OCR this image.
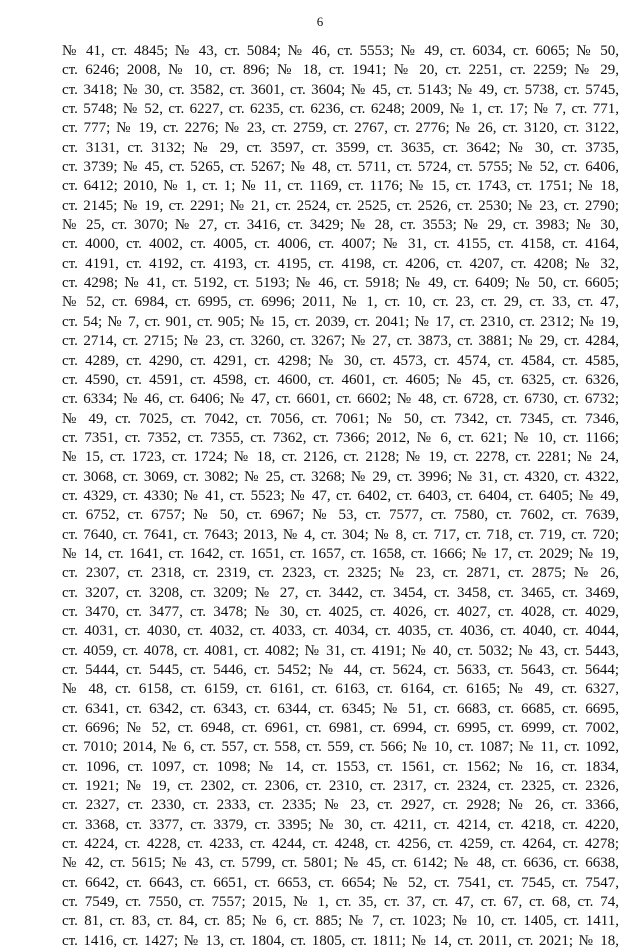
6
№ 41, ст. 4845; № 43, ст. 5084; № 46, ст. 5553; № 49, ст. 6034, ст. 6065; № 50,
ст. 6246; 2008, № 10, ст. 896; № 18, ст. 1941; № 20, ст. 2251, ст. 2259; № 29,
ст. 3418; № 30, ст. 3582, ст. 3601, ст. 3604; № 45, ст. 5143; № 49, ст. 5738, ст. 5745,
ст. 5748; № 52, ст. 6227, ст. 6235, ст. 6236, ст. 6248; 2009, № 1, ст. 17; № 7, ст. 771,
ст. 777; № 19, ст. 2276; № 23, ст. 2759, ст. 2767, ст. 2776; № 26, ст. 3120, ст. 3122,
ст. 3131, ст. 3132; № 29, ст. 3597, ст. 3599, ст. 3635, ст. 3642; № 30, ст. 3735,
ст. 3739; № 45, ст. 5265, ст. 5267; № 48, ст. 5711, ст. 5724, ст. 5755; № 52, ст. 6406,
ст. 6412; 2010, № 1, ст. 1; № 11, ст. 1169, ст. 1176; № 15, ст. 1743, ст. 1751; № 18,
ст. 2145; № 19, ст. 2291; № 21, ст. 2524, ст. 2525, ст. 2526, ст. 2530; № 23, ст. 2790;
№ 25, ст. 3070; № 27, ст. 3416, ст. 3429; № 28, ст. 3553; № 29, ст. 3983; № 30,
ст. 4000, ст. 4002, ст. 4005, ст. 4006, ст. 4007; № 31, ст. 4155, ст. 4158, ст. 4164,
ст. 4191, ст. 4192, ст. 4193, ст. 4195, ст. 4198, ст. 4206, ст. 4207, ст. 4208; № 32,
ст. 4298; № 41, ст. 5192, ст. 5193; № 46, ст. 5918; № 49, ст. 6409; № 50, ст. 6605;
№ 52, ст. 6984, ст. 6995, ст. 6996; 2011, № 1, ст. 10, ст. 23, ст. 29, ст. 33, ст. 47,
ст. 54; № 7, ст. 901, ст. 905; № 15, ст. 2039, ст. 2041; № 17, ст. 2310, ст. 2312; № 19,
ст. 2714, ст. 2715; № 23, ст. 3260, ст. 3267; № 27, ст. 3873, ст. 3881; № 29, ст. 4284,
ст. 4289, ст. 4290, ст. 4291, ст. 4298; № 30, ст. 4573, ст. 4574, ст. 4584, ст. 4585,
ст. 4590, ст. 4591, ст. 4598, ст. 4600, ст. 4601, ст. 4605; № 45, ст. 6325, ст. 6326,
ст. 6334; № 46, ст. 6406; № 47, ст. 6601, ст. 6602; № 48, ст. 6728, ст. 6730, ст. 6732;
№ 49, ст. 7025, ст. 7042, ст. 7056, ст. 7061; № 50, ст. 7342, ст. 7345, ст. 7346,
ст. 7351, ст. 7352, ст. 7355, ст. 7362, ст. 7366; 2012, № 6, ст. 621; № 10, ст. 1166;
№ 15, ст. 1723, ст. 1724; № 18, ст. 2126, ст. 2128; № 19, ст. 2278, ст. 2281; № 24,
ст. 3068, ст. 3069, ст. 3082; № 25, ст. 3268; № 29, ст. 3996; № 31, ст. 4320, ст. 4322,
ст. 4329, ст. 4330; № 41, ст. 5523; № 47, ст. 6402, ст. 6403, ст. 6404, ст. 6405; № 49,
ст. 6752, ст. 6757; № 50, ст. 6967; № 53, ст. 7577, ст. 7580, ст. 7602, ст. 7639,
ст. 7640, ст. 7641, ст. 7643; 2013, № 4, ст. 304; № 8, ст. 717, ст. 718, ст. 719, ст. 720;
№ 14, ст. 1641, ст. 1642, ст. 1651, ст. 1657, ст. 1658, ст. 1666; № 17, ст. 2029; № 19,
ст. 2307, ст. 2318, ст. 2319, ст. 2323, ст. 2325; № 23, ст. 2871, ст. 2875; № 26,
ст. 3207, ст. 3208, ст. 3209; № 27, ст. 3442, ст. 3454, ст. 3458, ст. 3465, ст. 3469,
ст. 3470, ст. 3477, ст. 3478; № 30, ст. 4025, ст. 4026, ст. 4027, ст. 4028, ст. 4029,
ст. 4031, ст. 4030, ст. 4032, ст. 4033, ст. 4034, ст. 4035, ст. 4036, ст. 4040, ст. 4044,
ст. 4059, ст. 4078, ст. 4081, ст. 4082; № 31, ст. 4191; № 40, ст. 5032; № 43, ст. 5443,
ст. 5444, ст. 5445, ст. 5446, ст. 5452; № 44, ст. 5624, ст. 5633, ст. 5643, ст. 5644;
№ 48, ст. 6158, ст. 6159, ст. 6161, ст. 6163, ст. 6164, ст. 6165; № 49, ст. 6327,
ст. 6341, ст. 6342, ст. 6343, ст. 6344, ст. 6345; № 51, ст. 6683, ст. 6685, ст. 6695,
ст. 6696; № 52, ст. 6948, ст. 6961, ст. 6981, ст. 6994, ст. 6995, ст. 6999, ст. 7002,
ст. 7010; 2014, № 6, ст. 557, ст. 558, ст. 559, ст. 566; № 10, ст. 1087; № 11, ст. 1092,
ст. 1096, ст. 1097, ст. 1098; № 14, ст. 1553, ст. 1561, ст. 1562; № 16, ст. 1834,
ст. 1921; № 19, ст. 2302, ст. 2306, ст. 2310, ст. 2317, ст. 2324, ст. 2325, ст. 2326,
ст. 2327, ст. 2330, ст. 2333, ст. 2335; № 23, ст. 2927, ст. 2928; № 26, ст. 3366,
ст. 3368, ст. 3377, ст. 3379, ст. 3395; № 30, ст. 4211, ст. 4214, ст. 4218, ст. 4220,
ст. 4224, ст. 4228, ст. 4233, ст. 4244, ст. 4248, ст. 4256, ст. 4259, ст. 4264, ст. 4278;
№ 42, ст. 5615; № 43, ст. 5799, ст. 5801; № 45, ст. 6142; № 48, ст. 6636, ст. 6638,
ст. 6642, ст. 6643, ст. 6651, ст. 6653, ст. 6654; № 52, ст. 7541, ст. 7545, ст. 7547,
ст. 7549, ст. 7550, ст. 7557; 2015, № 1, ст. 35, ст. 37, ст. 47, ст. 67, ст. 68, ст. 74,
ст. 81, ст. 83, ст. 84, ст. 85; № 6, ст. 885; № 7, ст. 1023; № 10, ст. 1405, ст. 1411,
ст. 1416, ст. 1427; № 13, ст. 1804, ст. 1805, ст. 1811; № 14, ст. 2011, ст. 2021; № 18,
